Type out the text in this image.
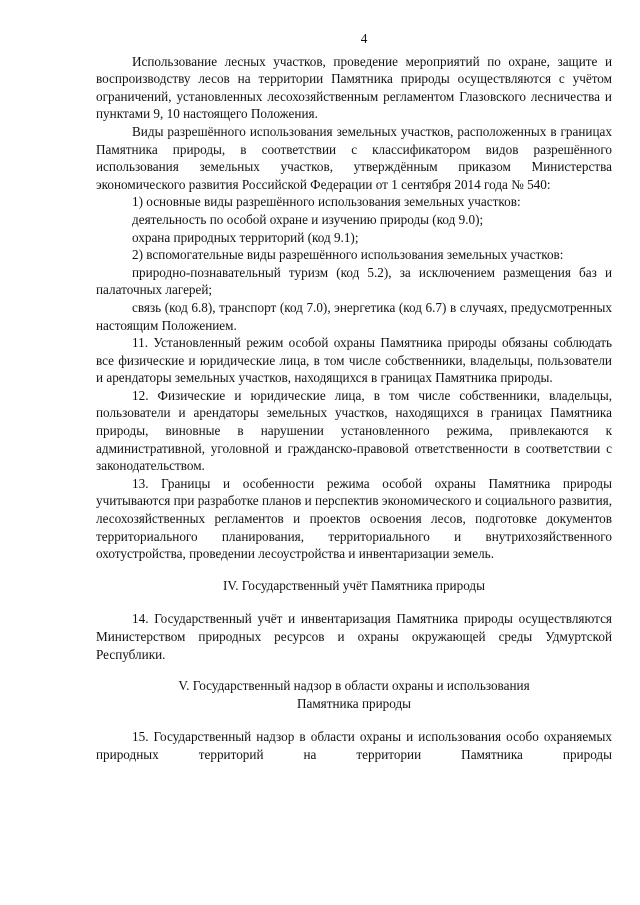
4

Использование лесных участков, проведение мероприятий по охране, защите и воспроизводству лесов на территории Памятника природы осуществляются с учётом ограничений, установленных лесохозяйственным регламентом Глазовского лесничества и пунктами 9, 10 настоящего Положения.

Виды разрешённого использования земельных участков, расположенных в границах Памятника природы, в соответствии с классификатором видов разрешённого использования земельных участков, утверждённым приказом Министерства экономического развития Российской Федерации от 1 сентября 2014 года № 540:

1) основные виды разрешённого использования земельных участков:

деятельность по особой охране и изучению природы (код 9.0);

охрана природных территорий (код 9.1);

2) вспомогательные виды разрешённого использования земельных участков:

природно-познавательный туризм (код 5.2), за исключением размещения баз и палаточных лагерей;

связь (код 6.8), транспорт (код 7.0), энергетика (код 6.7) в случаях, предусмотренных настоящим Положением.

11. Установленный режим особой охраны Памятника природы обязаны соблюдать все физические и юридические лица, в том числе собственники, владельцы, пользователи и арендаторы земельных участков, находящихся в границах Памятника природы.

12. Физические и юридические лица, в том числе собственники, владельцы, пользователи и арендаторы земельных участков, находящихся в границах Памятника природы, виновные в нарушении установленного режима, привлекаются к административной, уголовной и гражданско-правовой ответственности в соответствии с законодательством.

13. Границы и особенности режима особой охраны Памятника природы учитываются при разработке планов и перспектив экономического и социального развития, лесохозяйственных регламентов и проектов освоения лесов, подготовке документов территориального планирования, территориального и внутрихозяйственного охотустройства, проведении лесоустройства и инвентаризации земель.

IV. Государственный учёт Памятника природы

14. Государственный учёт и инвентаризация Памятника природы осуществляются Министерством природных ресурсов и охраны окружающей среды Удмуртской Республики.

V. Государственный надзор в области охраны и использования
Памятника природы

15. Государственный надзор в области охраны и использования особо охраняемых природных территорий на территории Памятника природы
